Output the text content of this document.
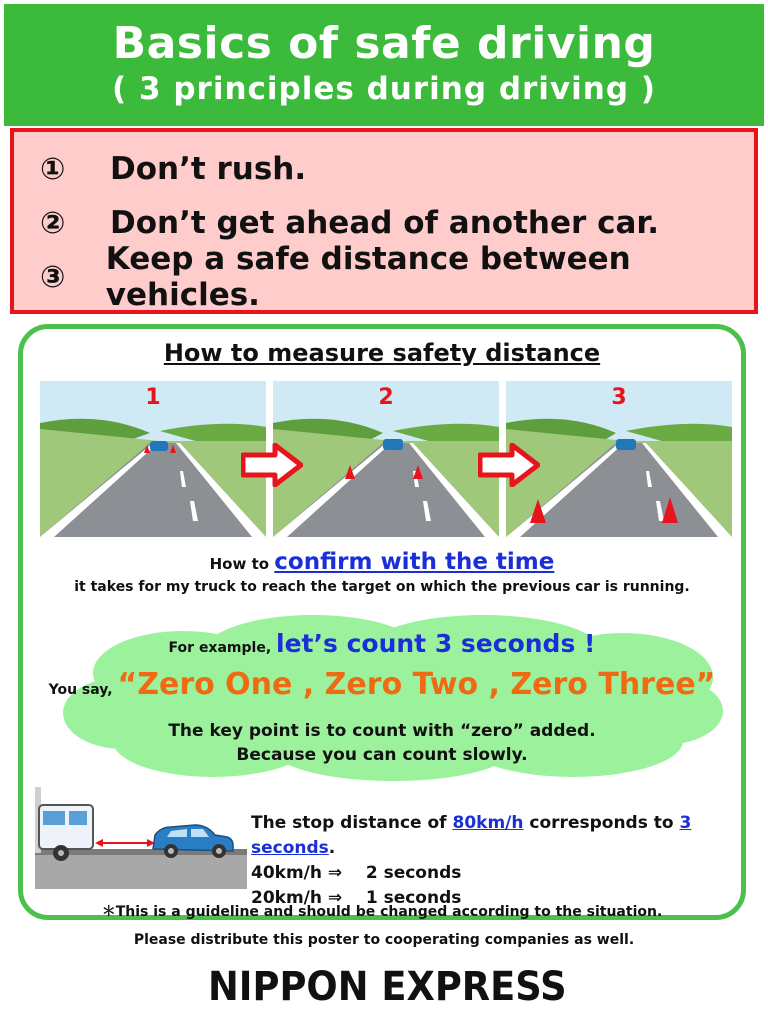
Basics of safe driving
( 3 principles during driving )
①	Don’t rush.
②	Don’t get ahead of another car.
③	Keep a safe distance between vehicles.
How to measure safety distance
1	2	3
How to confirm with the time
it takes for my truck to reach the target on which the previous car is running.
For example, let’s count 3 seconds !
You say, “Zero One , Zero Two , Zero Three”
The key point is to count with “zero” added.
Because you can count slowly.
The stop distance of 80km/h corresponds to 3 seconds.
40km/h ⇒    2 seconds
20km/h ⇒    1 seconds
＊This is a guideline and should be changed according to the situation.
Please distribute this poster to cooperating companies as well.
NIPPON EXPRESS
